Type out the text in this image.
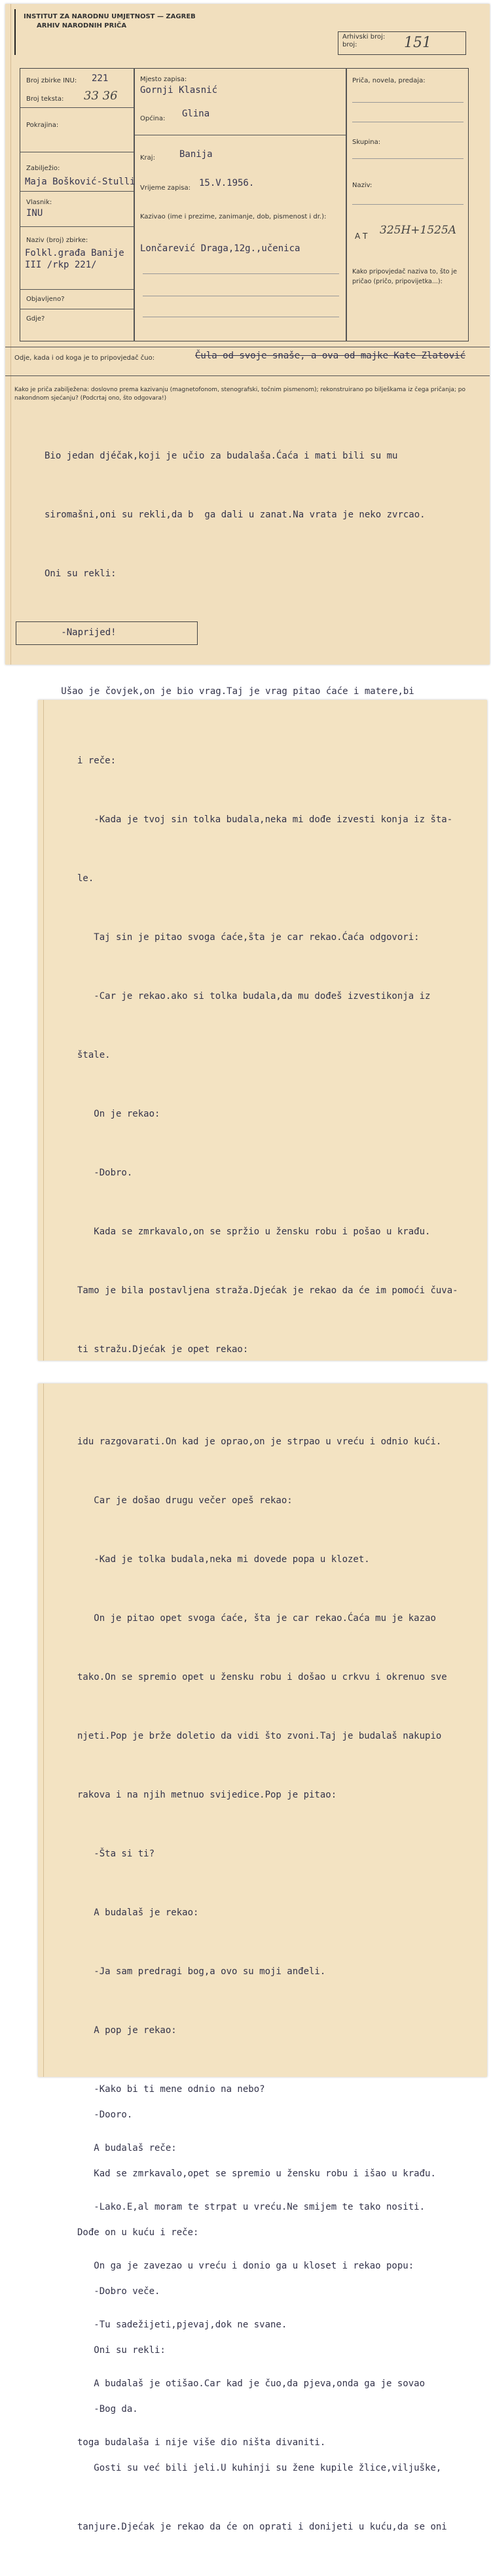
INSTITUT ZA NARODNU UMJETNOST — ZAGREB
ARHIV NARODNIH PRIČA
Arhivski broj:
broj:	151
Broj zbirke INU: 221
Broj teksta: 33 36
Pokrajina:
Zabilježio:
Maja Bošković-Stulli
Vlasnik:
INU
Naziv (broj) zbirke:
Folkl.građa Banije III /rkp 221/
Objavljeno?
Gdje?
Mjesto zapisa:
Gornji Klasnić
Općina: Glina
Kraj:	Banija
Vrijeme zapisa: 15.V.1956.
Kazivao (ime i prezime, zanimanje, dob, pismenost i dr.):
Lončarević Draga,12g.,učenica
Priča, novela, predaja:
Skupina:
Naziv:
A T 325H+1525A
Kako pripovjedač naziva to, što je pričao (pričo, pripovijetka...):
Odje, kada i od koga je to pripovjedač čuo:	Čula od svoje snaše, a ova od majke Kate Zlatović
Kako je priča zabilježena: doslovno prema kazivanju (magnetofonom, stenografski, točnim pismenom); rekonstruirano po bilješkama iz čega pričanja; po nakondnom sjećanju? (Podcrtaj ono, što odgovara!)

Bio jedan djéčak,koji je učio za budalaša.Ćaća i mati bili su mu

siromašni,oni su rekli,da b  ga dali u zanat.Na vrata je neko zvrcao.

Oni su rekli:

-Naprijed!

Ušao je čovjek,on je bio vrag.Taj je vrag pitao ćaće i matere,bi

i reče:

-Kada je tvoj sin tolka budala,neka mi dođe izvesti konja iz šta-

le.

Taj sin je pitao svoga ćaće,šta je car rekao.Ćaća odgovori:

-Car je rekao.ako si tolka budala,da mu dođeš izvestikonja iz

štale.

On je rekao:

-Dobro.

Kada se zmrkavalo,on se spržio u žensku robu i pošao u krađu.

Tamo je bila postavljena straža.Djećak je rekao da će im pomoći čuva-

ti stražu.Djećak je opet rekao:

-Dooro.

Kad se zmrkavalo,opet se spremio u žensku robu i išao u krađu.

Dođe on u kuću i reče:

-Dobro veče.

Oni su rekli:

-Bog da.

Gosti su već bili jeli.U kuhinji su žene kupile žlice,viljuške,

tanjure.Djećak je rekao da će on oprati i donijeti u kuću,da se oni

idu razgovarati.On kad je oprao,on je strpao u vreću i odnio kući.

Car je došao drugu večer opeš rekao:

-Kad je tolka budala,neka mi dovede popa u klozet.

On je pitao opet svoga ćaće, šta je car rekao.Ćaća mu je kazao

tako.On se spremio opet u žensku robu i došao u crkvu i okrenuo sve

njeti.Pop je brže doletio da vidi što zvoni.Taj je budalaš nakupio

rakova i na njih metnuo svijedice.Pop je pitao:

-Šta si ti?

A budalaš je rekao:

-Ja sam predragi bog,a ovo su moji anđeli.

A pop je rekao:

-Kako bi ti mene odnio na nebo?

A budalaš reče:

-Lako.E,al moram te strpat u vreću.Ne smijem te tako nositi.

On ga je zavezao u vreću i donio ga u kloset i rekao popu:

-Tu sadežijeti,pjevaj,dok ne svane.

A budalaš je otišao.Car kad je čuo,da pjeva,onda ga je sovao

toga budalaša i nije više dio ništa divaniti.
